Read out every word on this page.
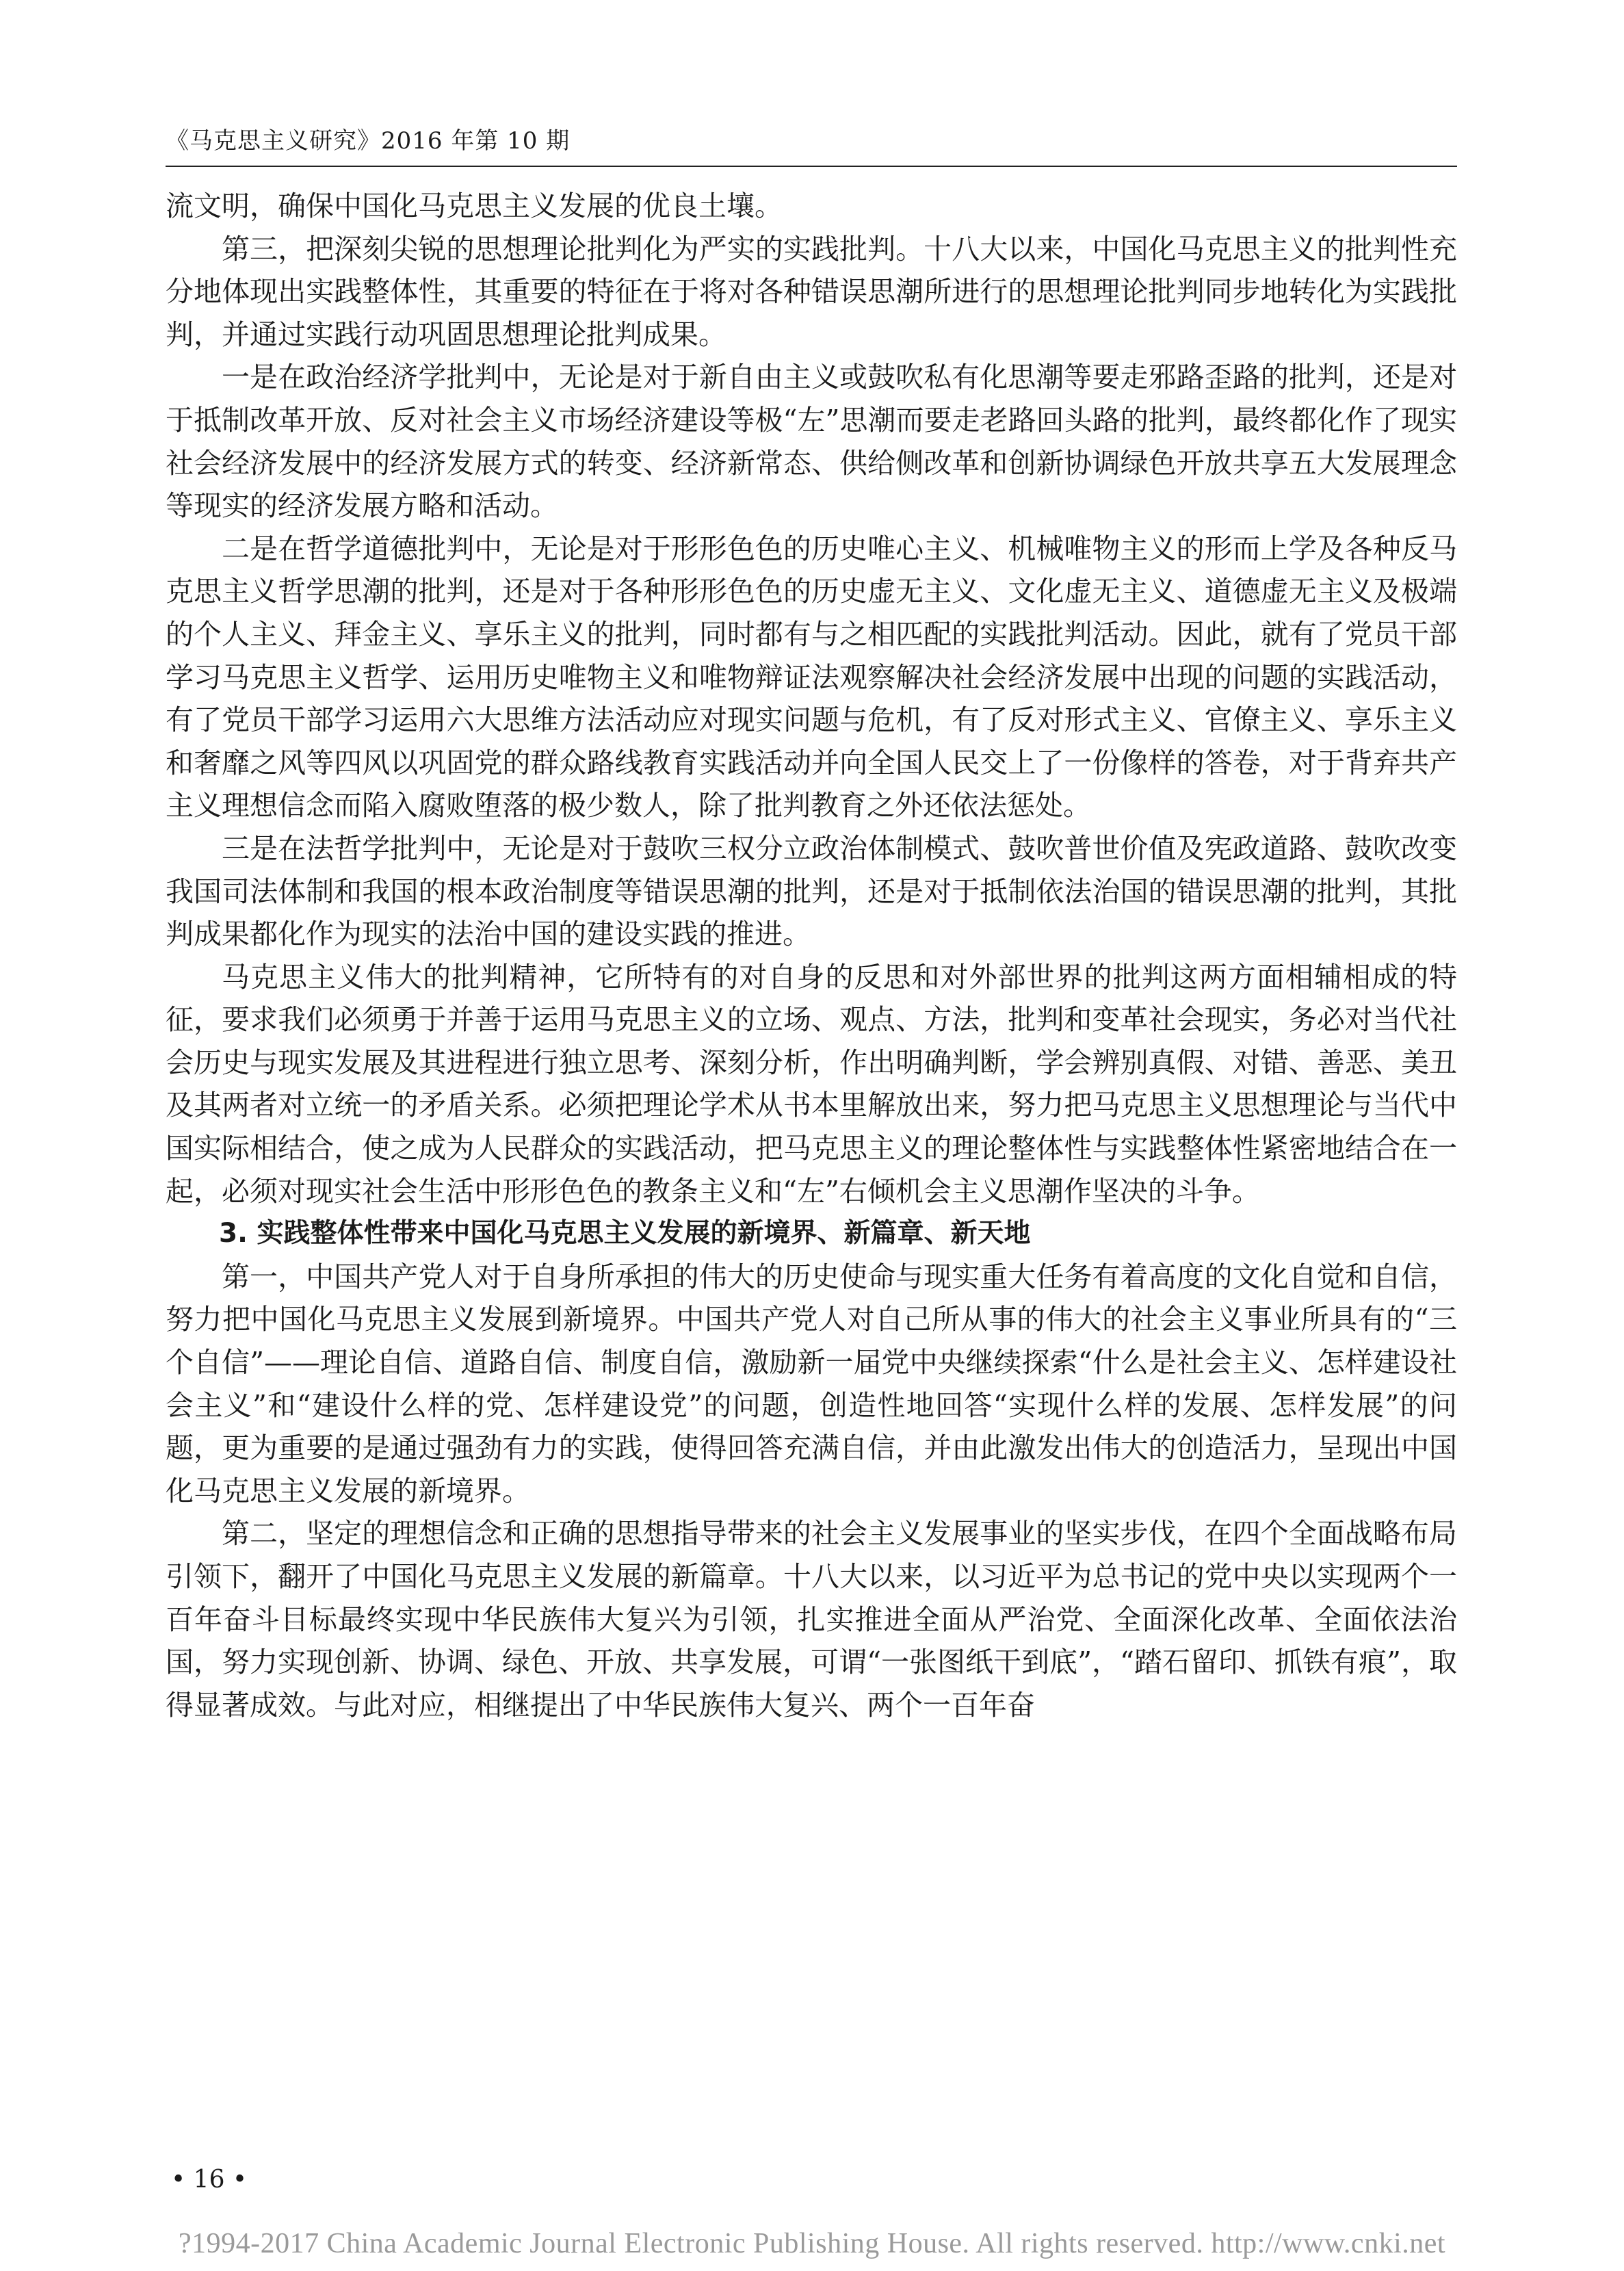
《马克思主义研究》2016 年第 10 期

流文明，确保中国化马克思主义发展的优良土壤。

第三，把深刻尖锐的思想理论批判化为严实的实践批判。十八大以来，中国化马克思主义的批判性充分地体现出实践整体性，其重要的特征在于将对各种错误思潮所进行的思想理论批判同步地转化为实践批判，并通过实践行动巩固思想理论批判成果。

一是在政治经济学批判中，无论是对于新自由主义或鼓吹私有化思潮等要走邪路歪路的批判，还是对于抵制改革开放、反对社会主义市场经济建设等极“左”思潮而要走老路回头路的批判，最终都化作了现实社会经济发展中的经济发展方式的转变、经济新常态、供给侧改革和创新协调绿色开放共享五大发展理念等现实的经济发展方略和活动。

二是在哲学道德批判中，无论是对于形形色色的历史唯心主义、机械唯物主义的形而上学及各种反马克思主义哲学思潮的批判，还是对于各种形形色色的历史虚无主义、文化虚无主义、道德虚无主义及极端的个人主义、拜金主义、享乐主义的批判，同时都有与之相匹配的实践批判活动。因此，就有了党员干部学习马克思主义哲学、运用历史唯物主义和唯物辩证法观察解决社会经济发展中出现的问题的实践活动，有了党员干部学习运用六大思维方法活动应对现实问题与危机，有了反对形式主义、官僚主义、享乐主义和奢靡之风等四风以巩固党的群众路线教育实践活动并向全国人民交上了一份像样的答卷，对于背弃共产主义理想信念而陷入腐败堕落的极少数人，除了批判教育之外还依法惩处。

三是在法哲学批判中，无论是对于鼓吹三权分立政治体制模式、鼓吹普世价值及宪政道路、鼓吹改变我国司法体制和我国的根本政治制度等错误思潮的批判，还是对于抵制依法治国的错误思潮的批判，其批判成果都化作为现实的法治中国的建设实践的推进。

马克思主义伟大的批判精神，它所特有的对自身的反思和对外部世界的批判这两方面相辅相成的特征，要求我们必须勇于并善于运用马克思主义的立场、观点、方法，批判和变革社会现实，务必对当代社会历史与现实发展及其进程进行独立思考、深刻分析，作出明确判断，学会辨别真假、对错、善恶、美丑及其两者对立统一的矛盾关系。必须把理论学术从书本里解放出来，努力把马克思主义思想理论与当代中国实际相结合，使之成为人民群众的实践活动，把马克思主义的理论整体性与实践整体性紧密地结合在一起，必须对现实社会生活中形形色色的教条主义和“左”右倾机会主义思潮作坚决的斗争。

3. 实践整体性带来中国化马克思主义发展的新境界、新篇章、新天地

第一，中国共产党人对于自身所承担的伟大的历史使命与现实重大任务有着高度的文化自觉和自信，努力把中国化马克思主义发展到新境界。中国共产党人对自己所从事的伟大的社会主义事业所具有的“三个自信”——理论自信、道路自信、制度自信，激励新一届党中央继续探索“什么是社会主义、怎样建设社会主义”和“建设什么样的党、怎样建设党”的问题，创造性地回答“实现什么样的发展、怎样发展”的问题，更为重要的是通过强劲有力的实践，使得回答充满自信，并由此激发出伟大的创造活力，呈现出中国化马克思主义发展的新境界。

第二，坚定的理想信念和正确的思想指导带来的社会主义发展事业的坚实步伐，在四个全面战略布局引领下，翻开了中国化马克思主义发展的新篇章。十八大以来，以习近平为总书记的党中央以实现两个一百年奋斗目标最终实现中华民族伟大复兴为引领，扎实推进全面从严治党、全面深化改革、全面依法治国，努力实现创新、协调、绿色、开放、共享发展，可谓“一张图纸干到底”，“踏石留印、抓铁有痕”，取得显著成效。与此对应，相继提出了中华民族伟大复兴、两个一百年奋

• 16 •
?1994-2017 China Academic Journal Electronic Publishing House. All rights reserved. http://www.cnki.net
